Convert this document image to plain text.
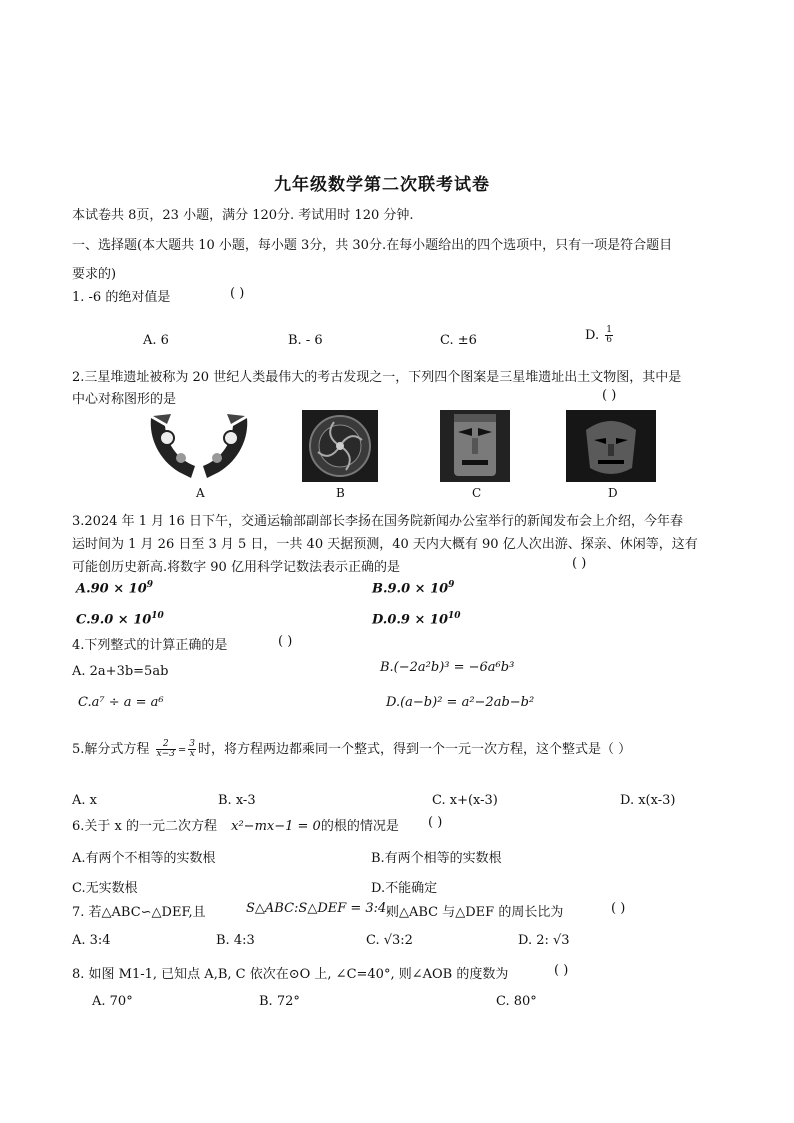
九年级数学第二次联考试卷
本试卷共 8页，23 小题，满分 120分. 考试用时 120 分钟.
一、选择题(本大题共 10 小题，每小题 3分，共 30分.在每小题给出的四个选项中，只有一项是符合题目
要求的)
1. -6 的绝对值是	( )
A. 6	B. - 6	C. ±6	D. $\frac{1}{6}$
2.三星堆遗址被称为 20 世纪人类最伟大的考古发现之一，下列四个图案是三星堆遗址出土文物图，其中是
中心对称图形的是	( )
A	B	C	D
3.2024 年 1 月 16 日下午，交通运输部副部长李扬在国务院新闻办公室举行的新闻发布会上介绍，今年春
运时间为 1 月 26 日至 3 月 5 日，一共 40 天据预测，40 天内大概有 90 亿人次出游、探亲、休闲等，这有
可能创历史新高.将数字 90 亿用科学记数法表示正确的是	( )
$A.90 \times 10^9$	$B.9.0 \times 10^9$
$C.9.0 \times 10^{10}$	$D.0.9 \times 10^{10}$
4.下列整式的计算正确的是	( )
A. 2a+3b=5ab	B.(−2a²b)³ = −6a⁶b³
C.a⁷ ÷ a = a⁶	D.(a−b)² = a²−2ab−b²
5.解分式方程 $\frac{2}{x-3} = \frac{3}{x}$ 时，将方程两边都乘同一个整式，得到一个一元一次方程，这个整式是（ ）
A. x	B. x-3	C. x+(x-3)	D. x(x-3)
6.关于 x 的一元二次方程 x²−mx−1 = 0的根的情况是 ( )
A.有两个不相等的实数根	B.有两个相等的实数根
C.无实数根	D.不能确定
7. 若△ABC∽△DEF,且	S△ABC:S△DEF = 3:4,
则△ABC 与△DEF 的周长比为	( )
A. 3:4	B. 4:3	C. √3:2	D. 2: √3
8. 如图 M1-1, 已知点 A,B, C 依次在⊙O 上, ∠C=40°, 则∠AOB 的度数为	( )
A. 70°	B. 72°	C. 80°
